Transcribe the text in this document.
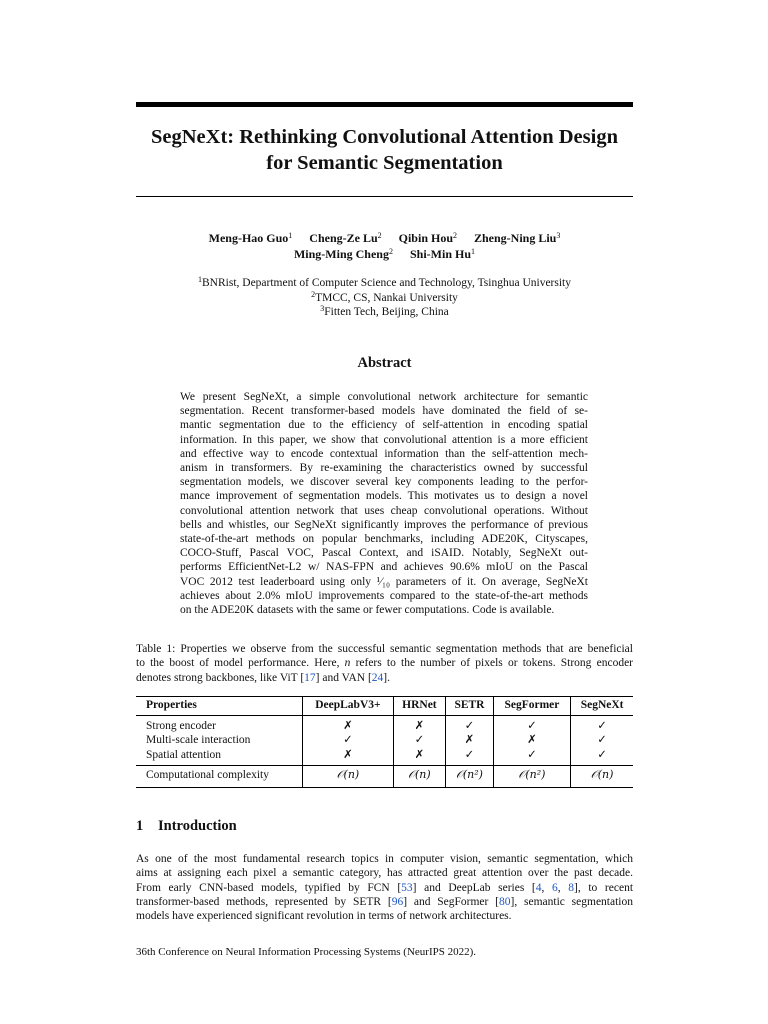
SegNeXt: Rethinking Convolutional Attention Design
for Semantic Segmentation
Meng-Hao Guo$^1$ Cheng-Ze Lu$^2$ Qibin Hou$^2$ Zheng-Ning Liu$^3$
Ming-Ming Cheng$^2$ Shi-Min Hu$^1$
$^1$BNRist, Department of Computer Science and Technology, Tsinghua University
$^2$TMCC, CS, Nankai University
$^3$Fitten Tech, Beijing, China
Abstract
We present SegNeXt, a simple convolutional network architecture for semantic
segmentation. Recent transformer-based models have dominated the field of se-
mantic segmentation due to the efficiency of self-attention in encoding spatial
information. In this paper, we show that convolutional attention is a more efficient
and effective way to encode contextual information than the self-attention mech-
anism in transformers. By re-examining the characteristics owned by successful
segmentation models, we discover several key components leading to the perfor-
mance improvement of segmentation models. This motivates us to design a novel
convolutional attention network that uses cheap convolutional operations. Without
bells and whistles, our SegNeXt significantly improves the performance of previous
state-of-the-art methods on popular benchmarks, including ADE20K, Cityscapes,
COCO-Stuff, Pascal VOC, Pascal Context, and iSAID. Notably, SegNeXt out-
performs EfficientNet-L2 w/ NAS-FPN and achieves 90.6% mIoU on the Pascal
VOC 2012 test leaderboard using only ¹⁄₁₀ parameters of it. On average, SegNeXt
achieves about 2.0% mIoU improvements compared to the state-of-the-art methods
on the ADE20K datasets with the same or fewer computations. Code is available.
Table 1: Properties we observe from the successful semantic segmentation methods that are beneficial
to the boost of model performance. Here, n refers to the number of pixels or tokens. Strong encoder
denotes strong backbones, like ViT [17] and VAN [24].
Properties	DeepLabV3+	HRNet	SETR	SegFormer	SegNeXt
Strong encoder	✗	✗	✓	✓	✓
Multi-scale interaction	✓	✓	✗	✗	✓
Spatial attention	✗	✗	✓	✓	✓
Computational complexity	𝒪(n)	𝒪(n)	𝒪(n²)	𝒪(n²)	𝒪(n)
1 Introduction
As one of the most fundamental research topics in computer vision, semantic segmentation, which
aims at assigning each pixel a semantic category, has attracted great attention over the past decade.
From early CNN-based models, typified by FCN [53] and DeepLab series [4, 6, 8], to recent
transformer-based methods, represented by SETR [96] and SegFormer [80], semantic segmentation
models have experienced significant revolution in terms of network architectures.
36th Conference on Neural Information Processing Systems (NeurIPS 2022).
